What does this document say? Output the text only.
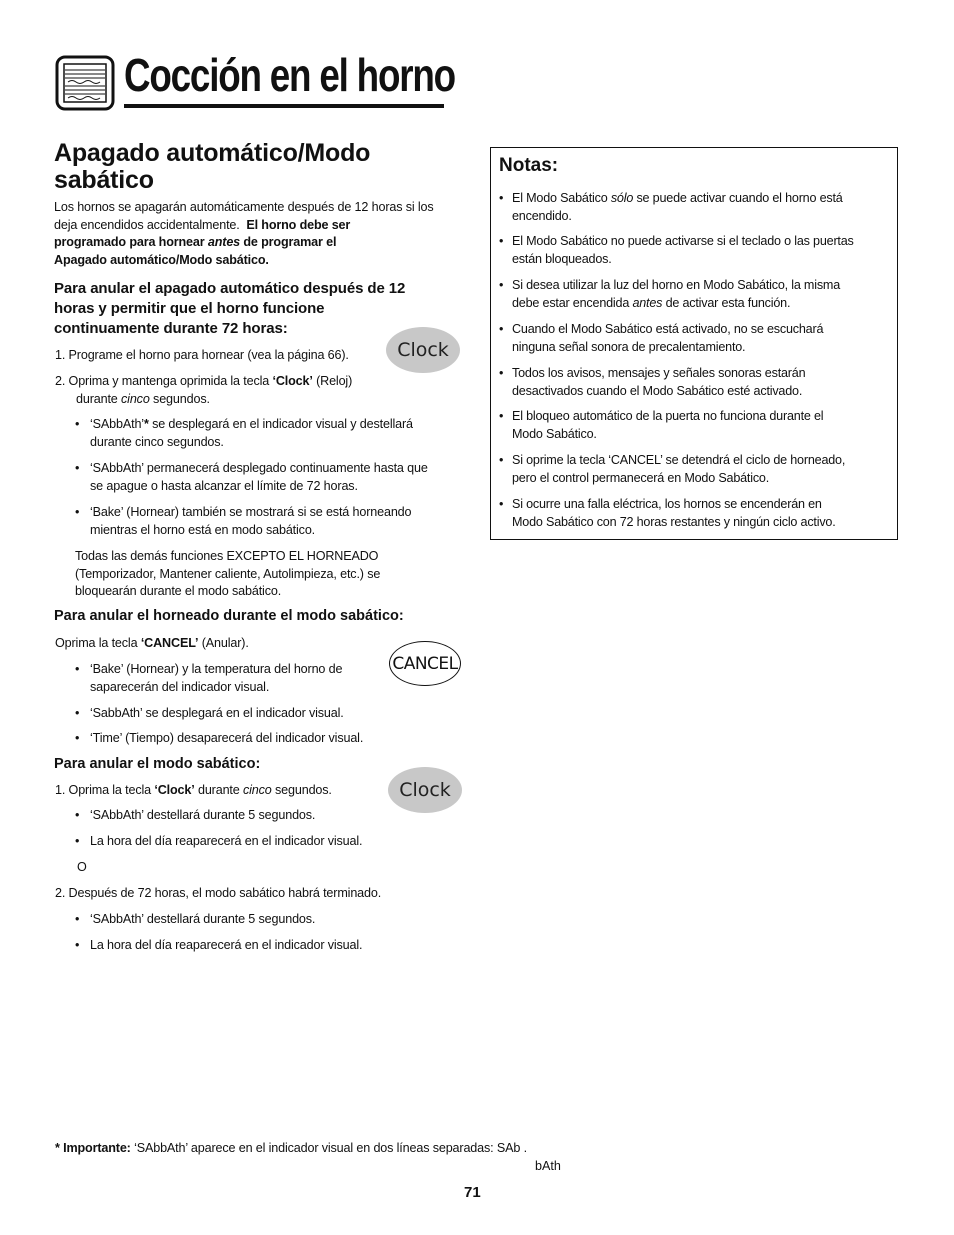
Cocción en el horno
Apagado automático/Modo
sabático
Los hornos se apagarán automáticamente después de 12 horas si los
deja encendidos accidentalmente. El horno debe ser
programado para hornear antes de programar el
Apagado automático/Modo sabático.
Para anular el apagado automático después de 12
horas y permitir que el horno funcione
continuamente durante 72 horas:
Clock
1. Programe el horno para hornear (vea la página 66).
2. Oprima y mantenga oprimida la tecla ‘Clock’ (Reloj)
durante cinco segundos.
• ‘SAbbAth’* se desplegará en el indicador visual y destellará
durante cinco segundos.
• ‘SAbbAth’ permanecerá desplegado continuamente hasta que
se apague o hasta alcanzar el límite de 72 horas.
• ‘Bake’ (Hornear) también se mostrará si se está horneando
mientras el horno está en modo sabático.
Todas las demás funciones EXCEPTO EL HORNEADO
(Temporizador, Mantener caliente, Autolimpieza, etc.) se
bloquearán durante el modo sabático.
Para anular el horneado durante el modo sabático:
Oprima la tecla ‘CANCEL’ (Anular).
CANCEL
• ‘Bake’ (Hornear) y la temperatura del horno de
saparecerán del indicador visual.
• ‘SabbAth’ se desplegará en el indicador visual.
• ‘Time’ (Tiempo) desaparecerá del indicador visual.
Para anular el modo sabático:
Clock
1. Oprima la tecla ‘Clock’ durante cinco segundos.
• ‘SAbbAth’ destellará durante 5 segundos.
• La hora del día reaparecerá en el indicador visual.
O
2. Después de 72 horas, el modo sabático habrá terminado.
• ‘SAbbAth’ destellará durante 5 segundos.
• La hora del día reaparecerá en el indicador visual.
Notas:
• El Modo Sabático sólo se puede activar cuando el horno está
encendido.
• El Modo Sabático no puede activarse si el teclado o las puertas
están bloqueados.
• Si desea utilizar la luz del horno en Modo Sabático, la misma
debe estar encendida antes de activar esta función.
• Cuando el Modo Sabático está activado, no se escuchará
ninguna señal sonora de precalentamiento.
• Todos los avisos, mensajes y señales sonoras estarán
desactivados cuando el Modo Sabático esté activado.
• El bloqueo automático de la puerta no funciona durante el
Modo Sabático.
• Si oprime la tecla ‘CANCEL’ se detendrá el ciclo de horneado,
pero el control permanecerá en Modo Sabático.
• Si ocurre una falla eléctrica, los hornos se encenderán en
Modo Sabático con 72 horas restantes y ningún ciclo activo.
* Importante: ‘SAbbAth’ aparece en el indicador visual en dos líneas separadas: SAb .
bAth
71
